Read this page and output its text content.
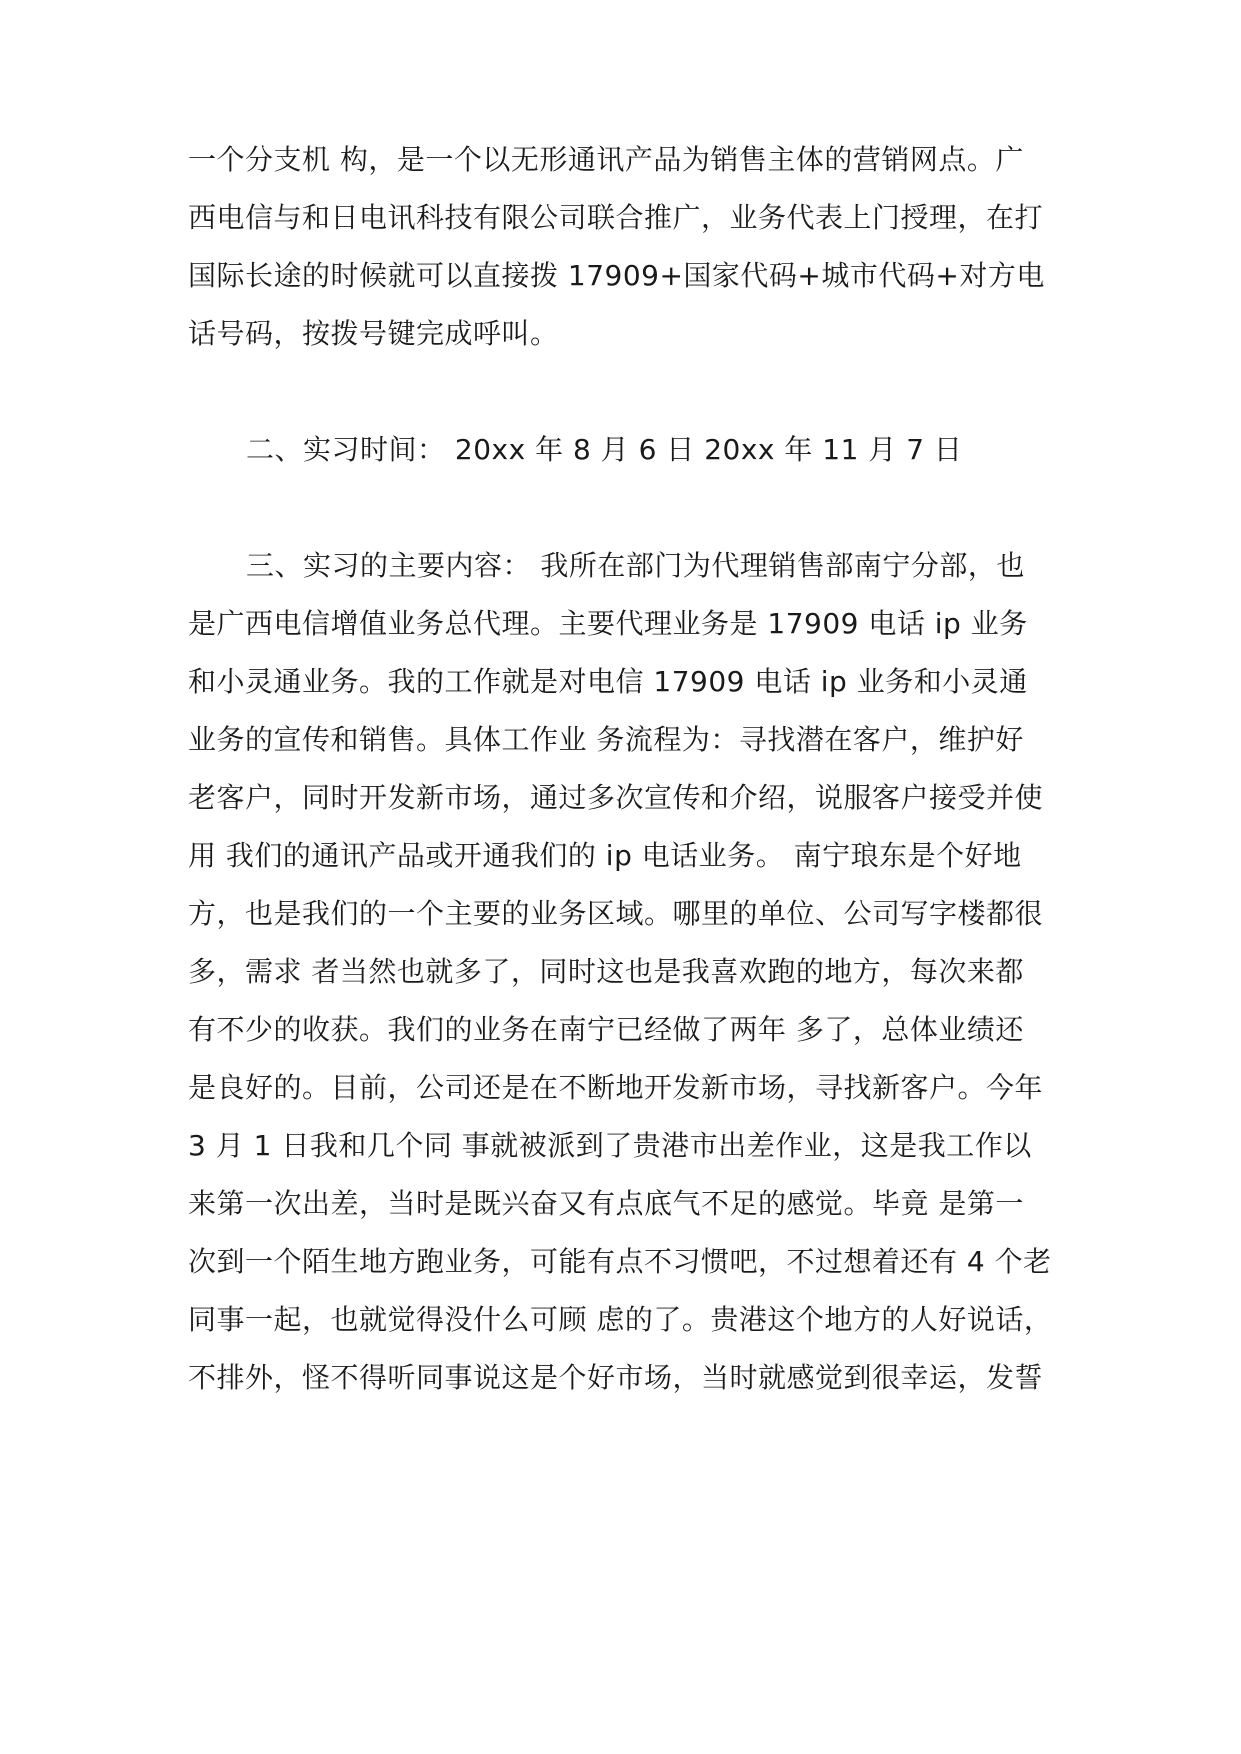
一个分支机 构，是一个以无形通讯产品为销售主体的营销网点。广
西电信与和日电讯科技有限公司联合推广，业务代表上门授理，在打
国际长途的时候就可以直接拨 17909+国家代码+城市代码+对方电
话号码，按拨号键完成呼叫。
二、实习时间： 20xx 年 8 月 6 日 20xx 年 11 月 7 日
三、实习的主要内容： 我所在部门为代理销售部南宁分部，也
是广西电信增值业务总代理。主要代理业务是 17909 电话 ip 业务
和小灵通业务。我的工作就是对电信 17909 电话 ip 业务和小灵通
业务的宣传和销售。具体工作业 务流程为：寻找潜在客户，维护好
老客户，同时开发新市场，通过多次宣传和介绍，说服客户接受并使
用 我们的通讯产品或开通我们的 ip 电话业务。 南宁琅东是个好地
方，也是我们的一个主要的业务区域。哪里的单位、公司写字楼都很
多，需求 者当然也就多了，同时这也是我喜欢跑的地方，每次来都
有不少的收获。我们的业务在南宁已经做了两年 多了，总体业绩还
是良好的。目前，公司还是在不断地开发新市场，寻找新客户。今年
3 月 1 日我和几个同 事就被派到了贵港市出差作业，这是我工作以
来第一次出差，当时是既兴奋又有点底气不足的感觉。毕竟 是第一
次到一个陌生地方跑业务，可能有点不习惯吧，不过想着还有 4 个老
同事一起，也就觉得没什么可顾 虑的了。贵港这个地方的人好说话，
不排外，怪不得听同事说这是个好市场，当时就感觉到很幸运，发誓
